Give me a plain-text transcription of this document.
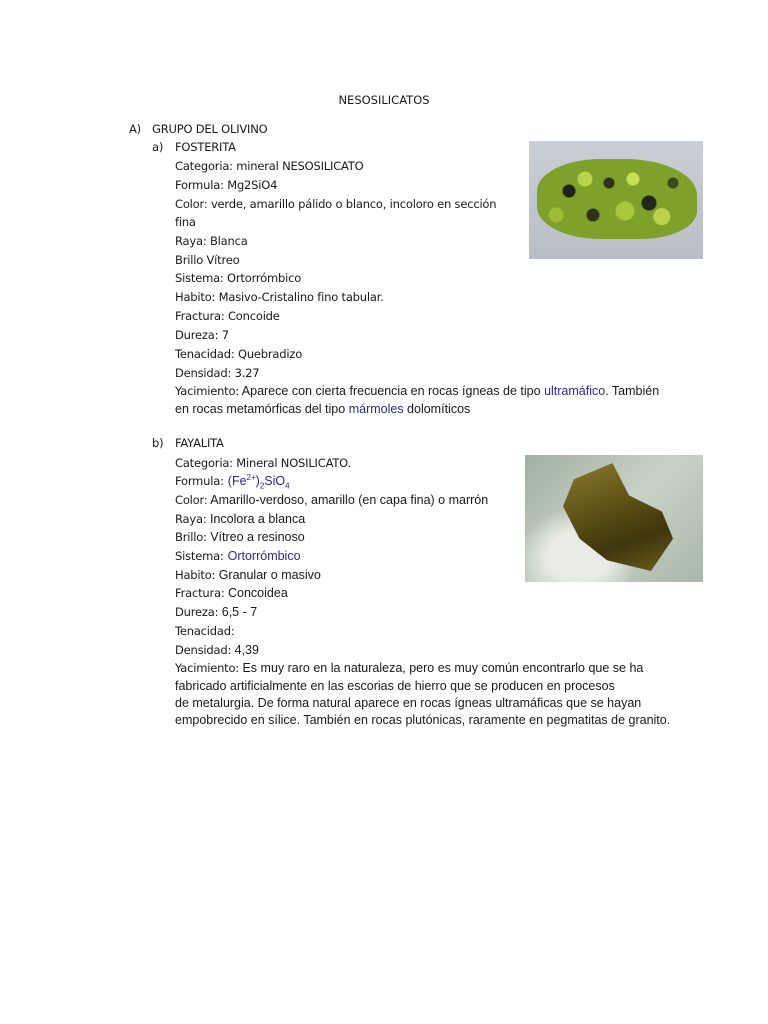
NESOSILICATOS
A) GRUPO DEL OLIVINO
a) FOSTERITA
Categoria: mineral NESOSILICATO
Formula: Mg2SiO4
Color: verde, amarillo pálido o blanco, incoloro en sección
fina
Raya: Blanca
Brillo Vítreo
Sistema: Ortorrómbico
Habito: Masivo-Cristalino fino tabular.
Fractura: Concoide
Dureza: 7
Tenacidad: Quebradizo
Densidad: 3.27
Yacimiento: Aparece con cierta frecuencia en rocas ígneas de tipo ultramáfico. También
en rocas metamórficas del tipo mármoles dolomíticos
b) FAYALITA
Categoria: Mineral NOSILICATO.
Formula: $(Fe^{2+})_2SiO_4$
Color: Amarillo-verdoso, amarillo (en capa fina) o marrón
Raya: Incolora a blanca
Brillo: Vítreo a resinoso
Sistema: Ortorrómbico
Habito: Granular o masivo
Fractura: Concoidea
Dureza: 6,5 - 7
Tenacidad:
Densidad: 4,39
Yacimiento: Es muy raro en la naturaleza, pero es muy común encontrarlo que se ha
fabricado artificialmente en las escorias de hierro que se producen en procesos
de metalurgia. De forma natural aparece en rocas ígneas ultramáficas que se hayan
empobrecido en sílice. También en rocas plutónicas, raramente en pegmatitas de granito.
